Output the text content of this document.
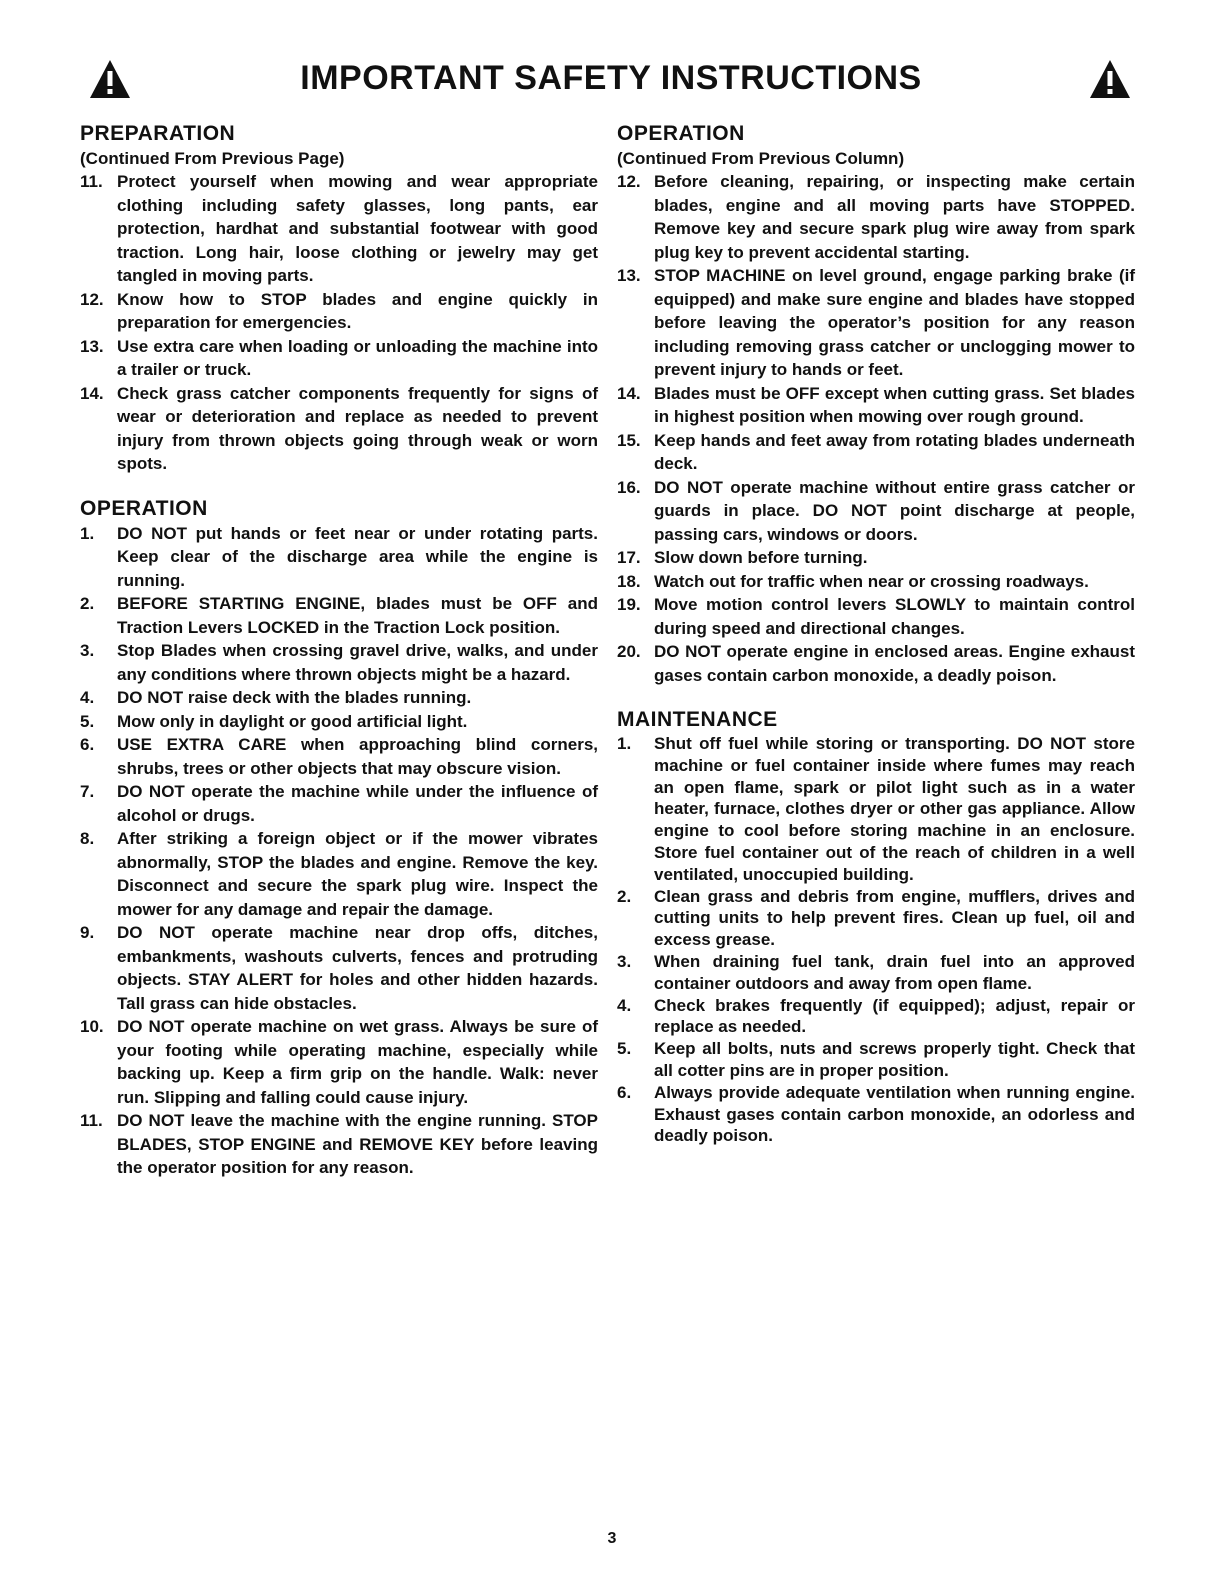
IMPORTANT SAFETY INSTRUCTIONS
PREPARATION
(Continued From Previous Page)
11. Protect yourself when mowing and wear appropriate clothing including safety glasses, long pants, ear protection, hardhat and substantial footwear with good traction. Long hair, loose clothing or jewelry may get tangled in moving parts.
12. Know how to STOP blades and engine quickly in preparation for emergencies.
13. Use extra care when loading or unloading the machine into a trailer or truck.
14. Check grass catcher components frequently for signs of wear or deterioration and replace as needed to prevent injury from thrown objects going through weak or worn spots.
OPERATION
1. DO NOT put hands or feet near or under rotating parts. Keep clear of the discharge area while the engine is running.
2. BEFORE STARTING ENGINE, blades must be OFF and Traction Levers LOCKED in the Traction Lock position.
3. Stop Blades when crossing gravel drive, walks, and under any conditions where thrown objects might be a hazard.
4. DO NOT raise deck with the blades running.
5. Mow only in daylight or good artificial light.
6. USE EXTRA CARE when approaching blind corners, shrubs, trees or other objects that may obscure vision.
7. DO NOT operate the machine while under the influence of alcohol or drugs.
8. After striking a foreign object or if the mower vibrates abnormally, STOP the blades and engine. Remove the key. Disconnect and secure the spark plug wire. Inspect the mower for any damage and repair the damage.
9. DO NOT operate machine near drop offs, ditches, embankments, washouts culverts, fences and protruding objects. STAY ALERT for holes and other hidden hazards. Tall grass can hide obstacles.
10. DO NOT operate machine on wet grass. Always be sure of your footing while operating machine, especially while backing up. Keep a firm grip on the handle. Walk: never run. Slipping and falling could cause injury.
11. DO NOT leave the machine with the engine running. STOP BLADES, STOP ENGINE and REMOVE KEY before leaving the operator position for any reason.
OPERATION
(Continued From Previous Column)
12. Before cleaning, repairing, or inspecting make certain blades, engine and all moving parts have STOPPED. Remove key and secure spark plug wire away from spark plug key to prevent accidental starting.
13. STOP MACHINE on level ground, engage parking brake (if equipped) and make sure engine and blades have stopped before leaving the operator’s position for any reason including removing grass catcher or unclogging mower to prevent injury to hands or feet.
14. Blades must be OFF except when cutting grass. Set blades in highest position when mowing over rough ground.
15. Keep hands and feet away from rotating blades underneath deck.
16. DO NOT operate machine without entire grass catcher or guards in place. DO NOT point discharge at people, passing cars, windows or doors.
17. Slow down before turning.
18. Watch out for traffic when near or crossing roadways.
19. Move motion control levers SLOWLY to maintain control during speed and directional changes.
20. DO NOT operate engine in enclosed areas. Engine exhaust gases contain carbon monoxide, a deadly poison.
MAINTENANCE
1. Shut off fuel while storing or transporting. DO NOT store machine or fuel container inside where fumes may reach an open flame, spark or pilot light such as in a water heater, furnace, clothes dryer or other gas appliance. Allow engine to cool before storing machine in an enclosure. Store fuel container out of the reach of children in a well ventilated, unoccupied building.
2. Clean grass and debris from engine, mufflers, drives and cutting units to help prevent fires. Clean up fuel, oil and excess grease.
3. When draining fuel tank, drain fuel into an approved container outdoors and away from open flame.
4. Check brakes frequently (if equipped); adjust, repair or replace as needed.
5. Keep all bolts, nuts and screws properly tight. Check that all cotter pins are in proper position.
6. Always provide adequate ventilation when running engine. Exhaust gases contain carbon monoxide, an odorless and deadly poison.
3
